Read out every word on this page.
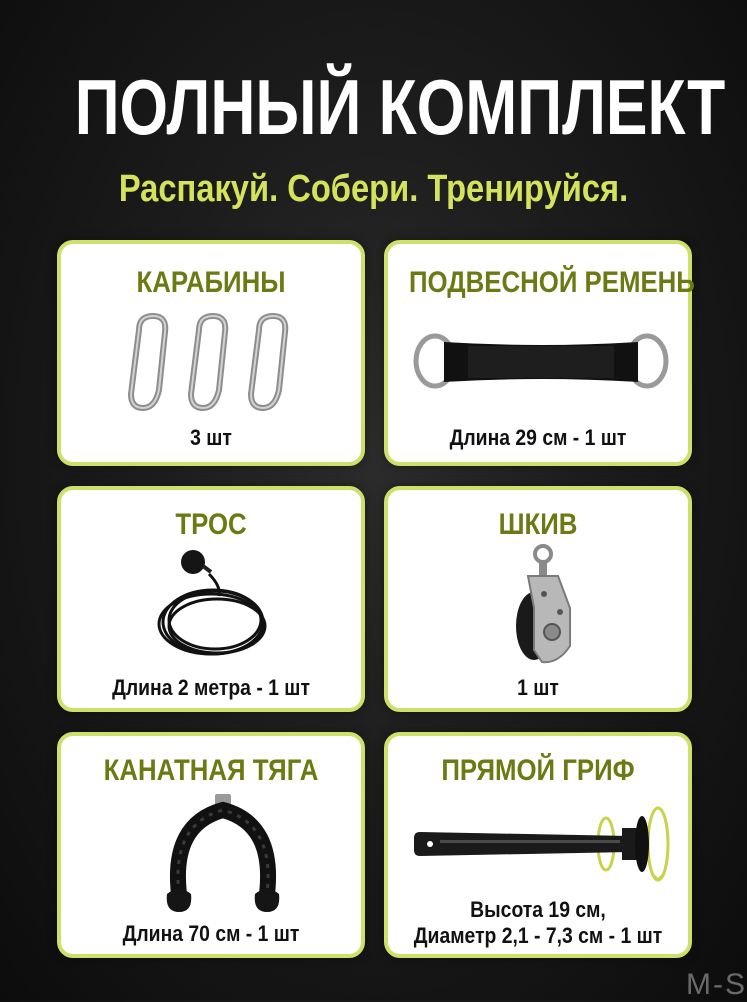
ПОЛНЫЙ КОМПЛЕКТ
Распакуй. Собери. Тренируйся.
КАРАБИНЫ
3 шт
ПОДВЕСНОЙ РЕМЕНЬ
Длина 29 см - 1 шт
ТРОС
Длина 2 метра - 1 шт
ШКИВ
1 шт
КАНАТНАЯ ТЯГА
Длина 70 см - 1 шт
ПРЯМОЙ ГРИФ
Высота 19 см,
Диаметр 2,1 - 7,3 см - 1 шт
M-S
